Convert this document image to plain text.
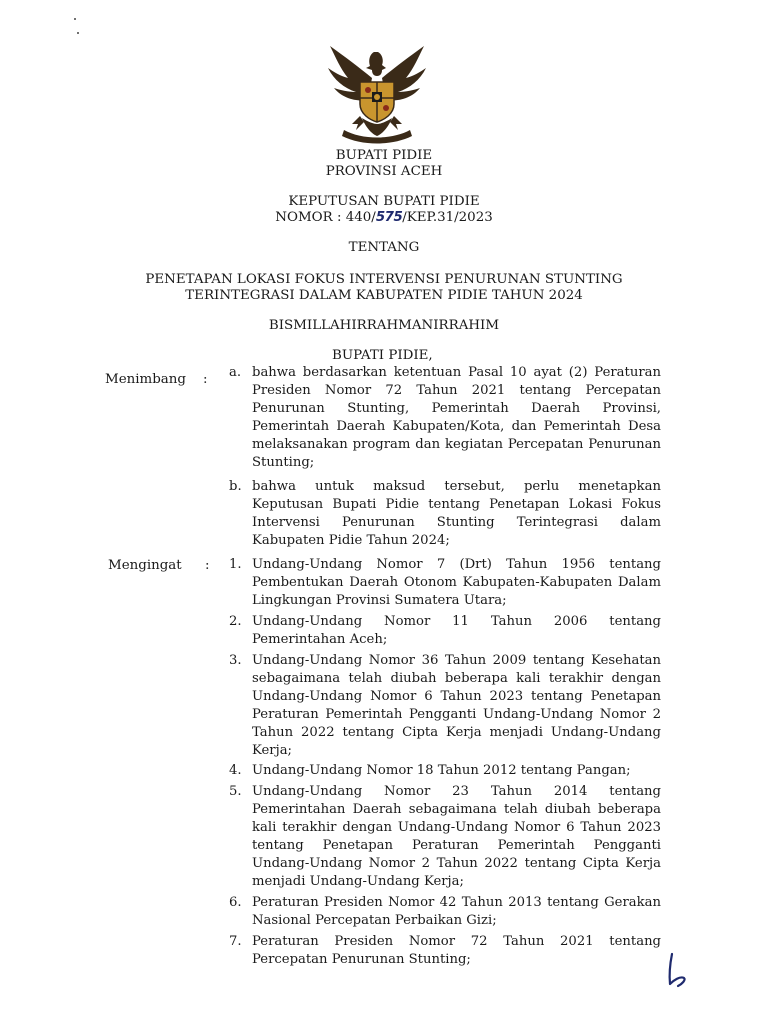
BUPATI PIDIE
PROVINSI ACEH
KEPUTUSAN BUPATI PIDIE
NOMOR : 440/575/KEP.31/2023
TENTANG
PENETAPAN LOKASI FOKUS INTERVENSI PENURUNAN STUNTING
TERINTEGRASI DALAM KABUPATEN PIDIE TAHUN 2024
BISMILLAHIRRAHMANIRRAHIM
BUPATI PIDIE,
Menimbang :	a. bahwa berdasarkan ketentuan Pasal 10 ayat (2) Peraturan Presiden Nomor 72 Tahun 2021 tentang Percepatan Penurunan Stunting, Pemerintah Daerah Provinsi, Pemerintah Daerah Kabupaten/Kota, dan Pemerintah Desa melaksanakan program dan kegiatan Percepatan Penurunan Stunting;
b. bahwa untuk maksud tersebut, perlu menetapkan Keputusan Bupati Pidie tentang Penetapan Lokasi Fokus Intervensi Penurunan Stunting Terintegrasi dalam Kabupaten Pidie Tahun 2024;
Mengingat :	1. Undang-Undang Nomor 7 (Drt) Tahun 1956 tentang Pembentukan Daerah Otonom Kabupaten-Kabupaten Dalam Lingkungan Provinsi Sumatera Utara;
2. Undang-Undang Nomor 11 Tahun 2006 tentang Pemerintahan Aceh;
3. Undang-Undang Nomor 36 Tahun 2009 tentang Kesehatan sebagaimana telah diubah beberapa kali terakhir dengan Undang-Undang Nomor 6 Tahun 2023 tentang Penetapan Peraturan Pemerintah Pengganti Undang-Undang Nomor 2 Tahun 2022 tentang Cipta Kerja menjadi Undang-Undang Kerja;
4. Undang-Undang Nomor 18 Tahun 2012 tentang Pangan;
5. Undang-Undang Nomor 23 Tahun 2014 tentang Pemerintahan Daerah sebagaimana telah diubah beberapa kali terakhir dengan Undang-Undang Nomor 6 Tahun 2023 tentang Penetapan Peraturan Pemerintah Pengganti Undang-Undang Nomor 2 Tahun 2022 tentang Cipta Kerja menjadi Undang-Undang Kerja;
6. Peraturan Presiden Nomor 42 Tahun 2013 tentang Gerakan Nasional Percepatan Perbaikan Gizi;
7. Peraturan Presiden Nomor 72 Tahun 2021 tentang Percepatan Penurunan Stunting;
